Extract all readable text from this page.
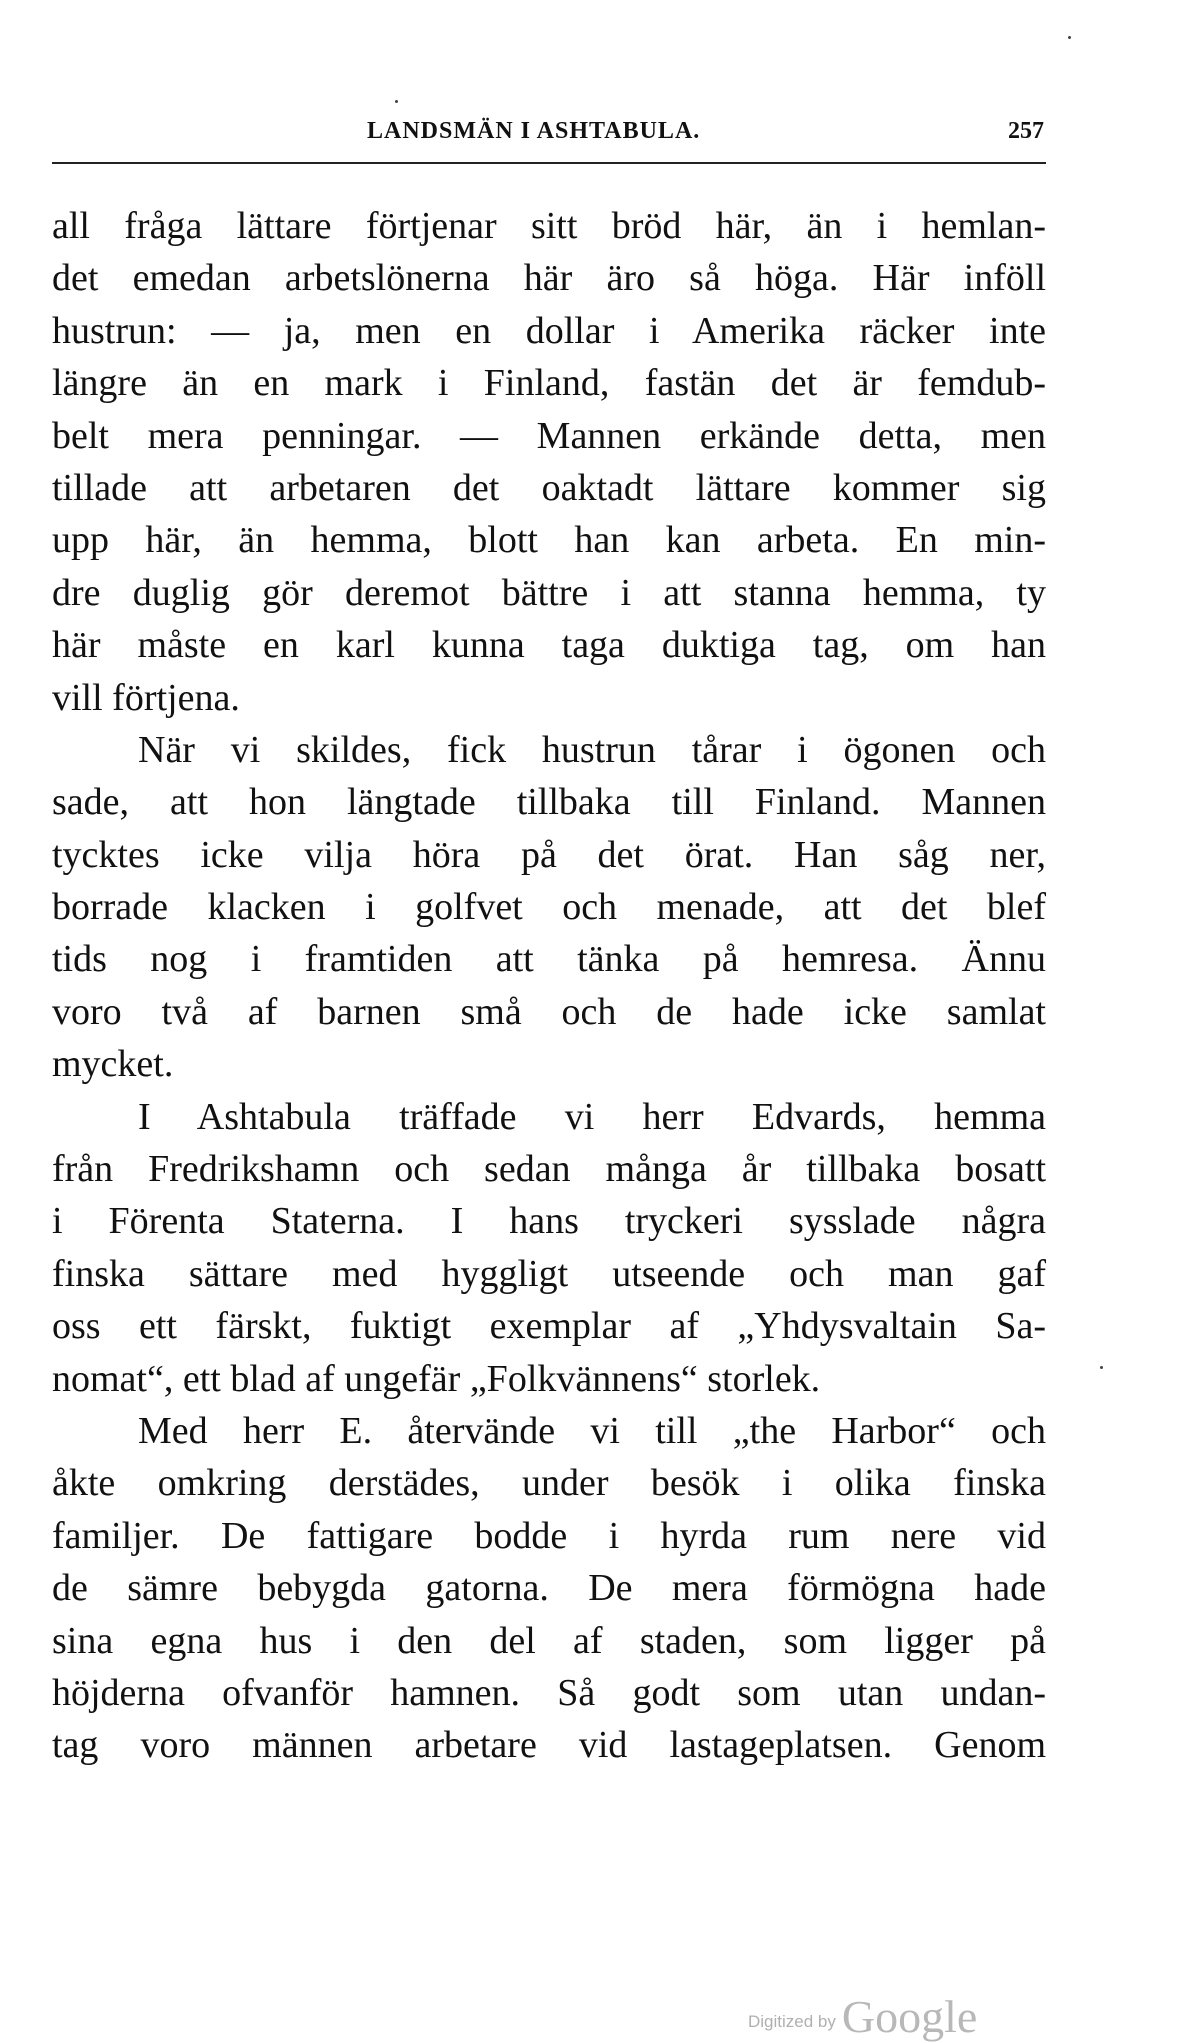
LANDSMÄN I ASHTABULA.	257
all fråga lättare förtjenar sitt bröd här, än i hemlan-
det emedan arbetslönerna här äro så höga. Här inföll
hustrun: — ja, men en dollar i Amerika räcker inte
längre än en mark i Finland, fastän det är femdub-
belt mera penningar. — Mannen erkände detta, men
tillade att arbetaren det oaktadt lättare kommer sig
upp här, än hemma, blott han kan arbeta. En min-
dre duglig gör deremot bättre i att stanna hemma, ty
här måste en karl kunna taga duktiga tag, om han
vill förtjena.
När vi skildes, fick hustrun tårar i ögonen och
sade, att hon längtade tillbaka till Finland. Mannen
tycktes icke vilja höra på det örat. Han såg ner,
borrade klacken i golfvet och menade, att det blef
tids nog i framtiden att tänka på hemresa. Ännu
voro två af barnen små och de hade icke samlat
mycket.
I Ashtabula träffade vi herr Edvards, hemma
från Fredrikshamn och sedan många år tillbaka bosatt
i Förenta Staterna. I hans tryckeri sysslade några
finska sättare med hyggligt utseende och man gaf
oss ett färskt, fuktigt exemplar af „Yhdysvaltain Sa-
nomat“, ett blad af ungefär „Folkvännens“ storlek.
Med herr E. återvände vi till „the Harbor“ och
åkte omkring derstädes, under besök i olika finska
familjer. De fattigare bodde i hyrda rum nere vid
de sämre bebygda gatorna. De mera förmögna hade
sina egna hus i den del af staden, som ligger på
höjderna ofvanför hamnen. Så godt som utan undan-
tag voro männen arbetare vid lastageplatsen. Genom
Digitized by Google
